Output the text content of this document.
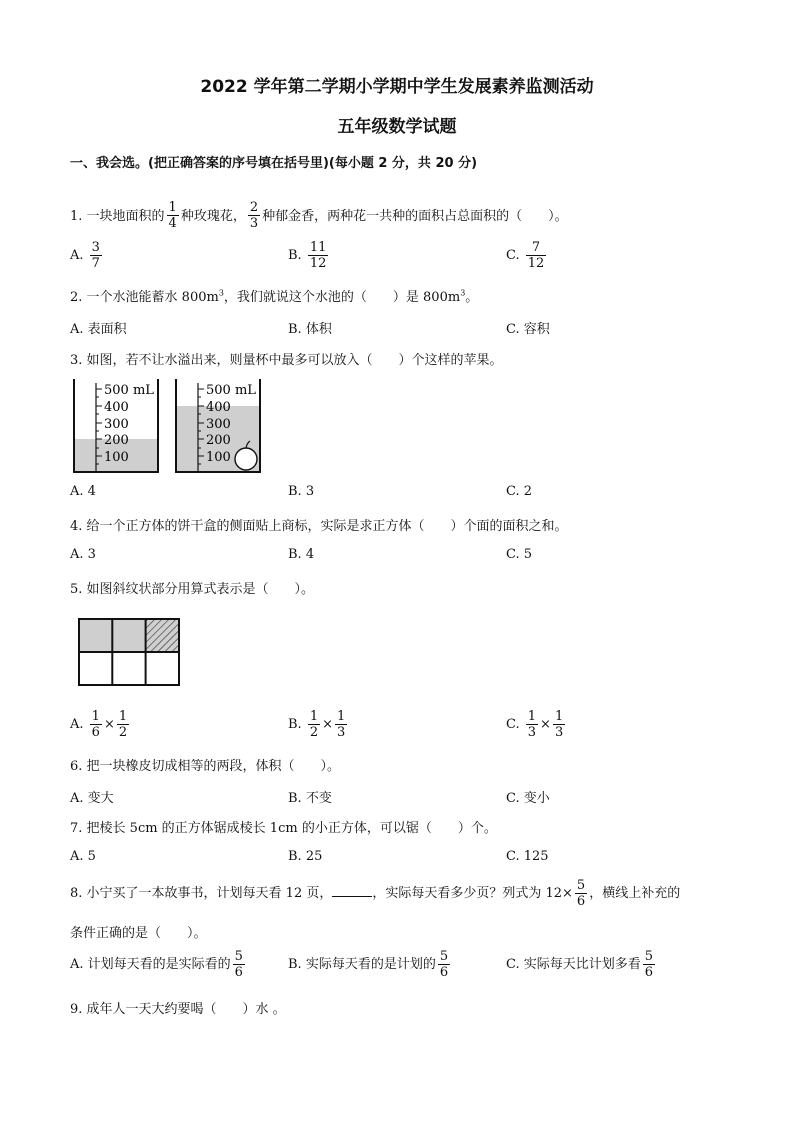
2022 学年第二学期小学期中学生发展素养监测活动
五年级数学试题
一、我会选。(把正确答案的序号填在括号里)(每小题 2 分，共 20 分)
1. 一块地面积的 $\frac{1}{4}$ 种玫瑰花， $\frac{2}{3}$ 种郁金香，两种花一共种的面积占总面积的（　　）。
A. $\frac{3}{7}$	B. $\frac{11}{12}$	C. $\frac{7}{12}$
2. 一个水池能蓄水 $800m^3$，我们就说这个水池的（　　）是 $800m^3$。
A. 表面积	B. 体积	C. 容积
3. 如图，若不让水溢出来，则量杯中最多可以放入（　　）个这样的苹果。
500 mL
400
300
200
100
500 mL
400
300
200
100
A. 4	B. 3	C. 2
4. 给一个正方体的饼干盒的侧面贴上商标，实际是求正方体（　　）个面的面积之和。
A. 3	B. 4	C. 5
5. 如图斜纹状部分用算式表示是（　　）。
A. $\frac{1}{6} \times \frac{1}{2}$	B. $\frac{1}{2} \times \frac{1}{3}$	C. $\frac{1}{3} \times \frac{1}{3}$
6. 把一块橡皮切成相等的两段，体积（　　）。
A. 变大	B. 不变	C. 变小
7. 把棱长 5cm 的正方体锯成棱长 1cm 的小正方体，可以锯（　　）个。
A. 5	B. 25	C. 125
8. 小宁买了一本故事书，计划每天看 12 页，	，实际每天看多少页？列式为 $12\times \frac{5}{6}$ ，横线上补充的
条件正确的是（　　）。
A. 计划每天看的是实际看的 $\frac{5}{6}$	B. 实际每天看的是计划的 $\frac{5}{6}$	C. 实际每天比计划多看 $\frac{5}{6}$
9. 成年人一天大约要喝（　　）水 。
